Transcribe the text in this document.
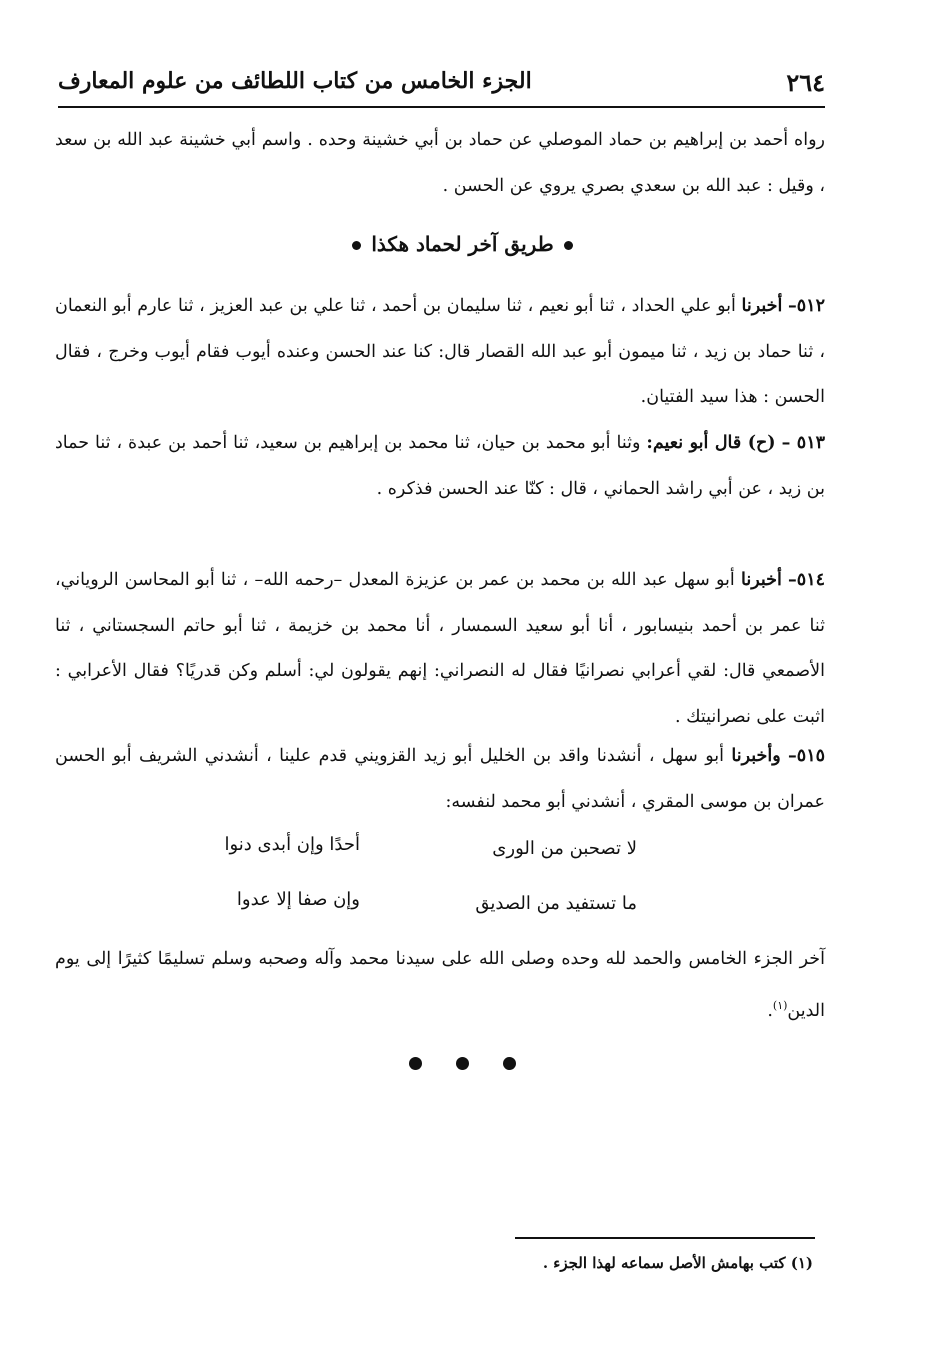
٢٦٤
الجزء الخامس من كتاب اللطائف من علوم المعارف

رواه أحمد بن إبراهيم بن حماد الموصلي عن حماد بن أبي خشينة وحده . واسم أبي خشينة عبد الله بن سعد ، وقيل : عبد الله بن سعدي بصري يروي عن الحسن .

طريق آخر لحماد هكذا

٥١٢– أخبرنا أبو علي الحداد ، ثنا أبو نعيم ، ثنا سليمان بن أحمد ، ثنا علي بن عبد العزيز ، ثنا عارم أبو النعمان ، ثنا حماد بن زيد ، ثنا ميمون أبو عبد الله القصار قال: كنا عند الحسن وعنده أيوب فقام أيوب وخرج ، فقال الحسن : هذا سيد الفتيان.

٥١٣ – (ح) قال أبو نعيم: وثنا أبو محمد بن حيان، ثنا محمد بن إبراهيم بن سعيد، ثنا أحمد بن عبدة ، ثنا حماد بن زيد ، عن أبي راشد الحماني ، قال : كنّا عند الحسن فذكره .

٥١٤– أخبرنا أبو سهل عبد الله بن محمد بن عمر بن عزيزة المعدل –رحمه الله– ، ثنا أبو المحاسن الروياني، ثنا عمر بن أحمد بنيسابور ، أنا أبو سعيد السمسار ، أنا محمد بن خزيمة ، ثنا أبو حاتم السجستاني ، ثنا الأصمعي قال: لقي أعرابي نصرانيًا فقال له النصراني: إنهم يقولون لي: أسلم وكن قدريًا؟ فقال الأعرابي : اثبت على نصرانيتك .

٥١٥– وأخبرنا أبو سهل ، أنشدنا واقد بن الخليل أبو زيد القزويني قدم علينا ، أنشدني الشريف أبو الحسن عمران بن موسى المقري ، أنشدني أبو محمد لنفسه:

لا تصحبن من الورى
أحدًا وإن أبدى دنوا
ما تستفيد من الصديق
وإن صفا إلا عدوا

آخر الجزء الخامس والحمد لله وحده وصلى الله على سيدنا محمد وآله وصحبه وسلم تسليمًا كثيرًا إلى يوم الدين$^{(١)}$.

(١) كتب بهامش الأصل سماعه لهذا الجزء .
